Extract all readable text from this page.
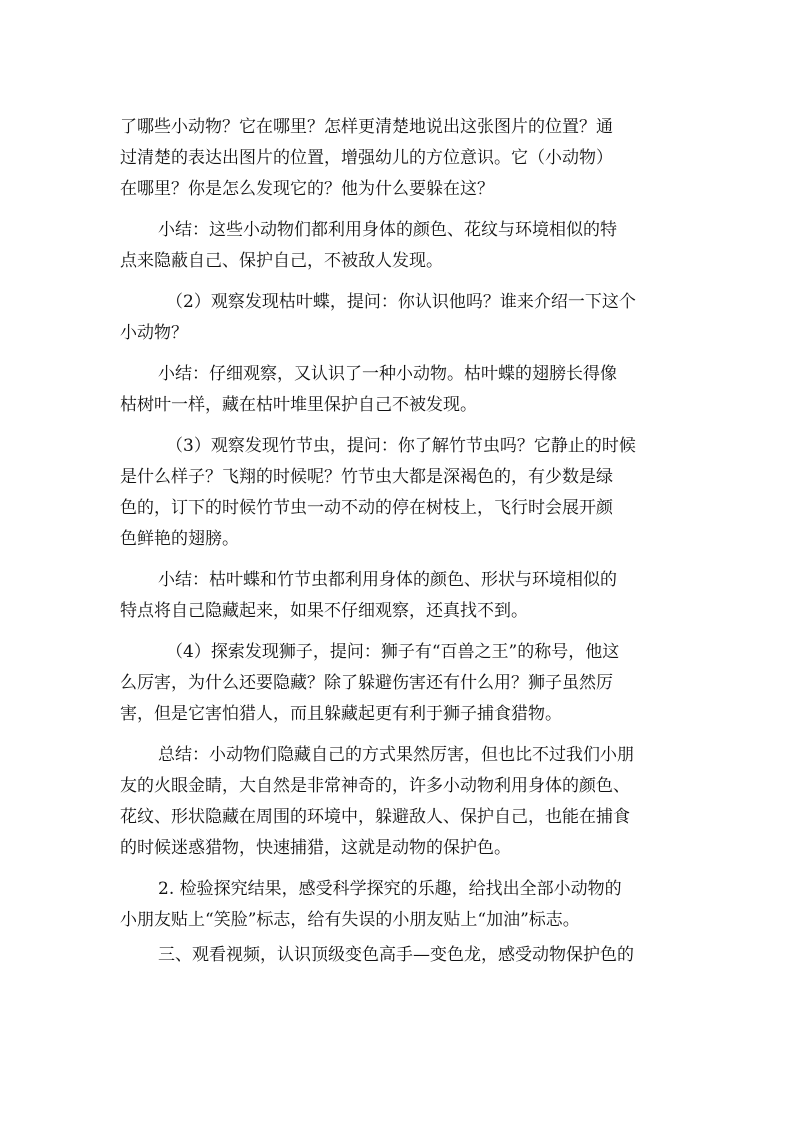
了哪些小动物？它在哪里？怎样更清楚地说出这张图片的位置？通
过清楚的表达出图片的位置，增强幼儿的方位意识。它（小动物）
在哪里？你是怎么发现它的？他为什么要躲在这？

小结：这些小动物们都利用身体的颜色、花纹与环境相似的特
点来隐蔽自己、保护自己，不被敌人发现。

（2）观察发现枯叶蝶，提问：你认识他吗？谁来介绍一下这个
小动物？

小结：仔细观察，又认识了一种小动物。枯叶蝶的翅膀长得像
枯树叶一样，藏在枯叶堆里保护自己不被发现。

（3）观察发现竹节虫，提问：你了解竹节虫吗？它静止的时候
是什么样子？飞翔的时候呢？竹节虫大都是深褐色的，有少数是绿
色的，订下的时候竹节虫一动不动的停在树枝上，飞行时会展开颜
色鲜艳的翅膀。

小结：枯叶蝶和竹节虫都利用身体的颜色、形状与环境相似的
特点将自己隐藏起来，如果不仔细观察，还真找不到。

（4）探索发现狮子，提问：狮子有“百兽之王”的称号，他这
么厉害，为什么还要隐藏？除了躲避伤害还有什么用？狮子虽然厉
害，但是它害怕猎人，而且躲藏起更有利于狮子捕食猎物。

总结：小动物们隐藏自己的方式果然厉害，但也比不过我们小朋
友的火眼金睛，大自然是非常神奇的，许多小动物利用身体的颜色、
花纹、形状隐藏在周围的环境中，躲避敌人、保护自己，也能在捕食
的时候迷惑猎物，快速捕猎，这就是动物的保护色。

2. 检验探究结果，感受科学探究的乐趣，给找出全部小动物的
小朋友贴上“笑脸”标志，给有失误的小朋友贴上“加油”标志。

三、观看视频，认识顶级变色高手—变色龙，感受动物保护色的
